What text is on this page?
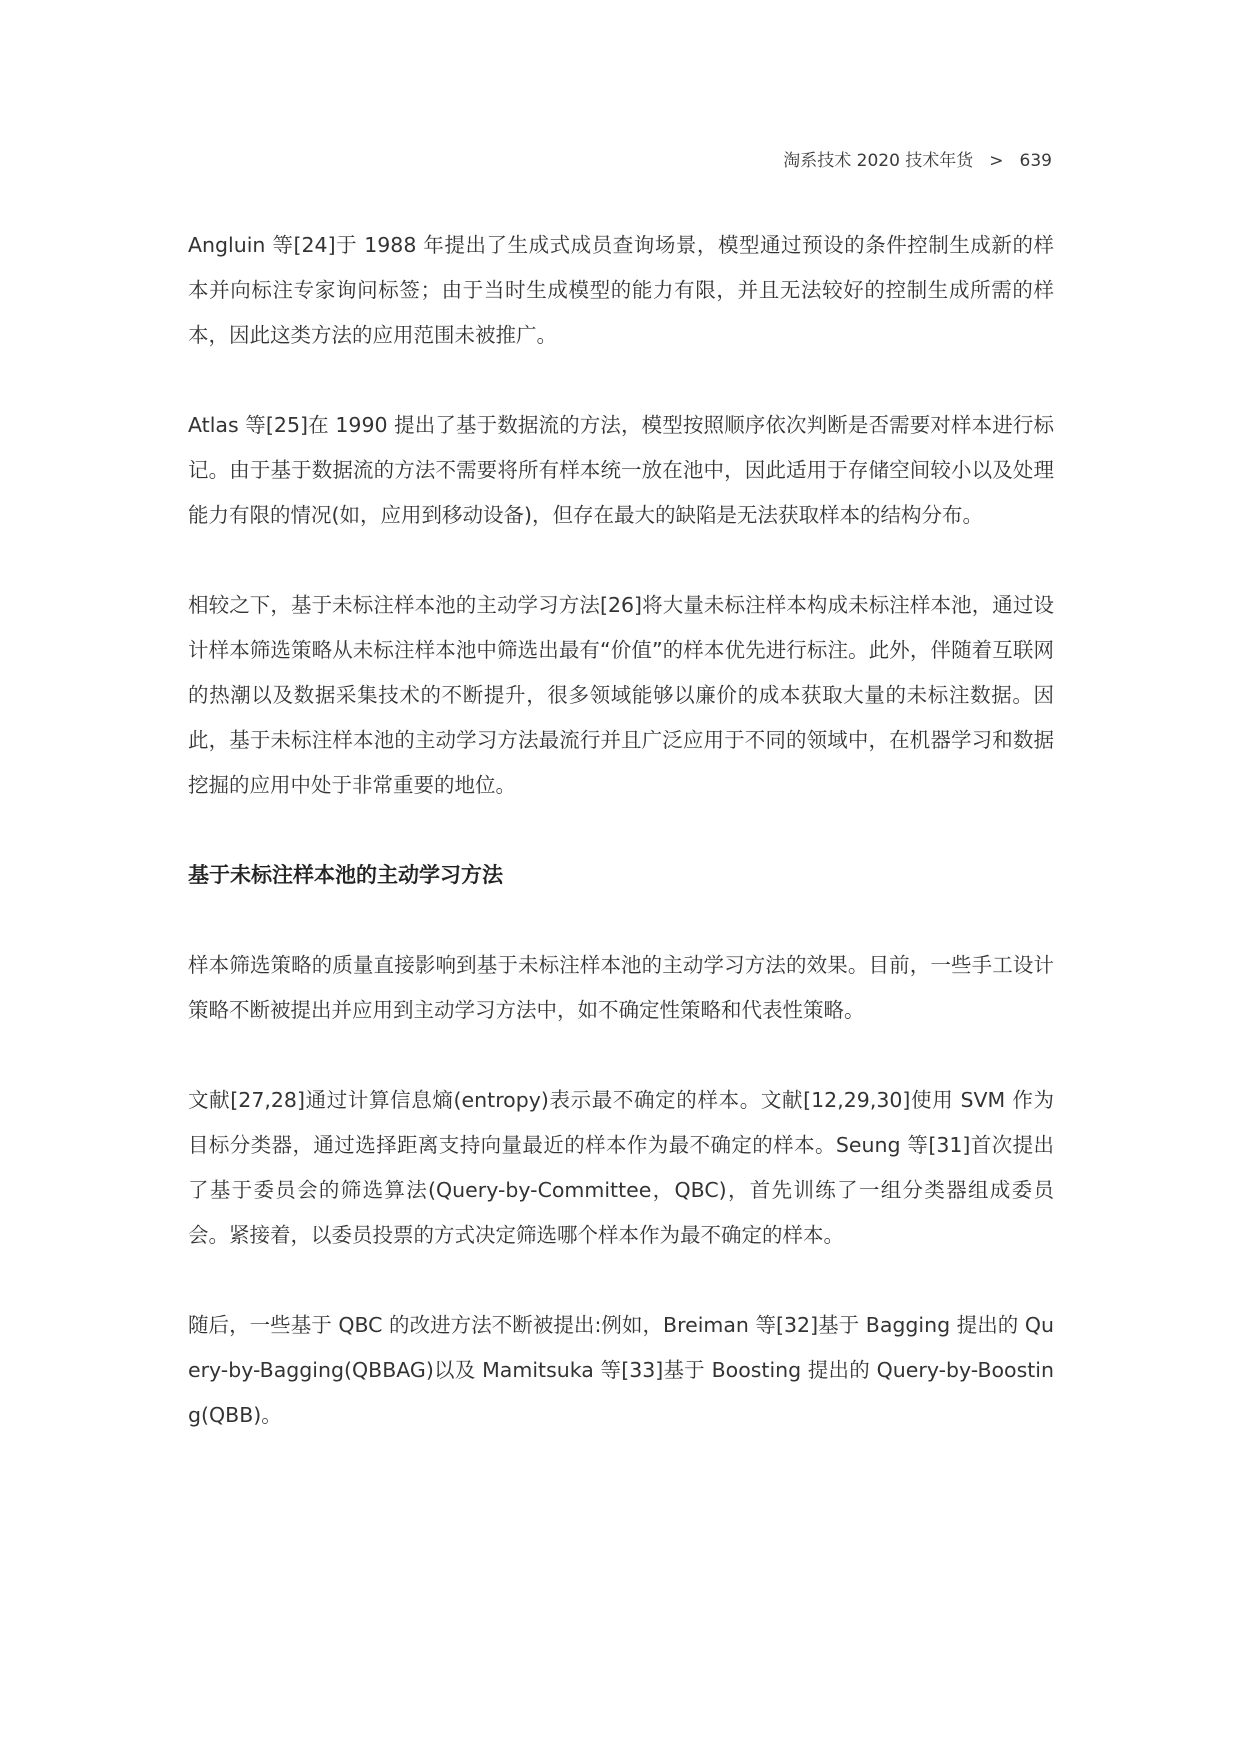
淘系技术 2020 技术年货 > 639

Angluin 等[24]于 1988 年提出了生成式成员查询场景，模型通过预设的条件控制生成新的样本并向标注专家询问标签；由于当时生成模型的能力有限，并且无法较好的控制生成所需的样本，因此这类方法的应用范围未被推广。

Atlas 等[25]在 1990 提出了基于数据流的方法，模型按照顺序依次判断是否需要对样本进行标记。由于基于数据流的方法不需要将所有样本统一放在池中，因此适用于存储空间较小以及处理能力有限的情况(如，应用到移动设备)，但存在最大的缺陷是无法获取样本的结构分布。

相较之下，基于未标注样本池的主动学习方法[26]将大量未标注样本构成未标注样本池，通过设计样本筛选策略从未标注样本池中筛选出最有“价值”的样本优先进行标注。此外，伴随着互联网的热潮以及数据采集技术的不断提升，很多领域能够以廉价的成本获取大量的未标注数据。因此，基于未标注样本池的主动学习方法最流行并且广泛应用于不同的领域中，在机器学习和数据挖掘的应用中处于非常重要的地位。

基于未标注样本池的主动学习方法

样本筛选策略的质量直接影响到基于未标注样本池的主动学习方法的效果。目前，一些手工设计策略不断被提出并应用到主动学习方法中，如不确定性策略和代表性策略。

文献[27,28]通过计算信息熵(entropy)表示最不确定的样本。文献[12,29,30]使用 SVM 作为目标分类器，通过选择距离支持向量最近的样本作为最不确定的样本。Seung 等[31]首次提出了基于委员会的筛选算法(Query-by-Committee，QBC)，首先训练了一组分类器组成委员会。紧接着，以委员投票的方式决定筛选哪个样本作为最不确定的样本。

随后，一些基于 QBC 的改进方法不断被提出:例如，Breiman 等[32]基于 Bagging 提出的 Query-by-Bagging(QBBAG)以及 Mamitsuka 等[33]基于 Boosting 提出的 Query-by-Boosting(QBB)。
